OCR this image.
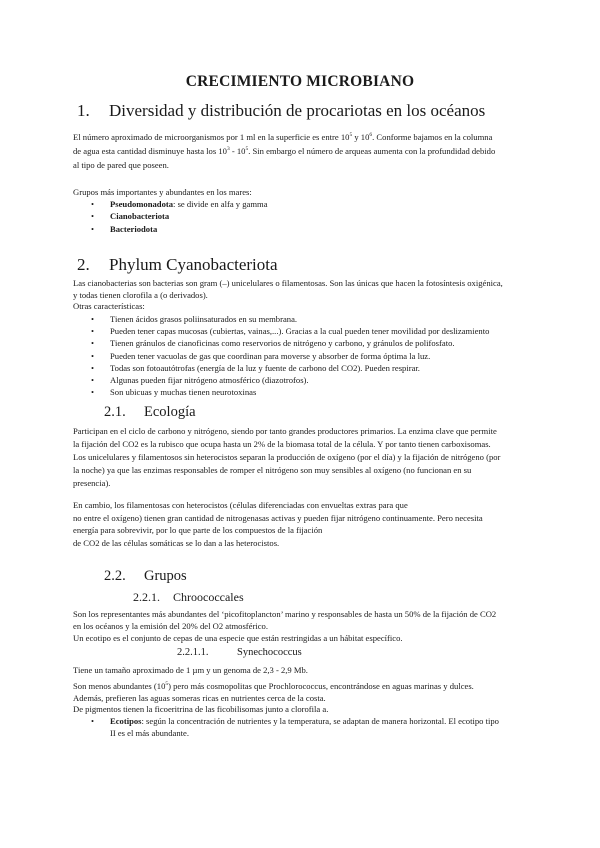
CRECIMIENTO MICROBIANO
1. Diversidad y distribución de procariotas en los océanos
El número aproximado de microorganismos por 1 ml en la superficie es entre $10^5$ y $10^6$. Conforme bajamos en la columna
de agua esta cantidad disminuye hasta los $10^3 - 10^5$. Sin embargo el número de arqueas aumenta con la profundidad debido
al tipo de pared que poseen.
Grupos más importantes y abundantes en los mares:
• Pseudomonadota: se divide en alfa y gamma
• Cianobacteriota
• Bacteriodota
2. Phylum Cyanobacteriota
Las cianobacterias son bacterias son gram (–) unicelulares o filamentosas. Son las únicas que hacen la fotosíntesis oxigénica,
y todas tienen clorofila a (o derivados).
Otras características:
• Tienen ácidos grasos poliinsaturados en su membrana.
• Pueden tener capas mucosas (cubiertas, vainas,...). Gracias a la cual pueden tener movilidad por deslizamiento
• Tienen gránulos de cianoficinas como reservorios de nitrógeno y carbono, y gránulos de polifosfato.
• Pueden tener vacuolas de gas que coordinan para moverse y absorber de forma óptima la luz.
• Todas son fotoautótrofas (energía de la luz y fuente de carbono del CO2). Pueden respirar.
• Algunas pueden fijar nitrógeno atmosférico (diazotrofos).
• Son ubicuas y muchas tienen neurotoxinas
2.1. Ecología
Participan en el ciclo de carbono y nitrógeno, siendo por tanto grandes productores primarios. La enzima clave que permite
la fijación del CO2 es la rubisco que ocupa hasta un 2% de la biomasa total de la célula. Y por tanto tienen carboxisomas.
Los unicelulares y filamentosos sin heterocistos separan la producción de oxígeno (por el día) y la fijación de nitrógeno (por
la noche) ya que las enzimas responsables de romper el nitrógeno son muy sensibles al oxígeno (no funcionan en su
presencia).
En cambio, los filamentosas con heterocistos (células diferenciadas con envueltas extras para que
no entre el oxígeno) tienen gran cantidad de nitrogenasas activas y pueden fijar nitrógeno continuamente. Pero necesita
energía para sobrevivir, por lo que parte de los compuestos de la fijación
de CO2 de las células somáticas se lo dan a las heterocistos.
2.2. Grupos
2.2.1. Chroococcales
Son los representantes más abundantes del ‘picofitoplancton’ marino y responsables de hasta un 50% de la fijación de CO2
en los océanos y la emisión del 20% del O2 atmosférico.
Un ecotipo es el conjunto de cepas de una especie que están restringidas a un hábitat específico.
2.2.1.1.	Synechococcus
Tiene un tamaño aproximado de 1 µm y un genoma de 2,3 - 2,9 Mb.
Son menos abundantes $(10^5)$ pero más cosmopolitas que Prochlorococcus, encontrándose en aguas marinas y dulces.
Además, prefieren las aguas someras ricas en nutrientes cerca de la costa.
De pigmentos tienen la ficoeritrina de las ficobilisomas junto a clorofila a.
• Ecotipos: según la concentración de nutrientes y la temperatura, se adaptan de manera horizontal. El ecotipo tipo
II es el más abundante.
